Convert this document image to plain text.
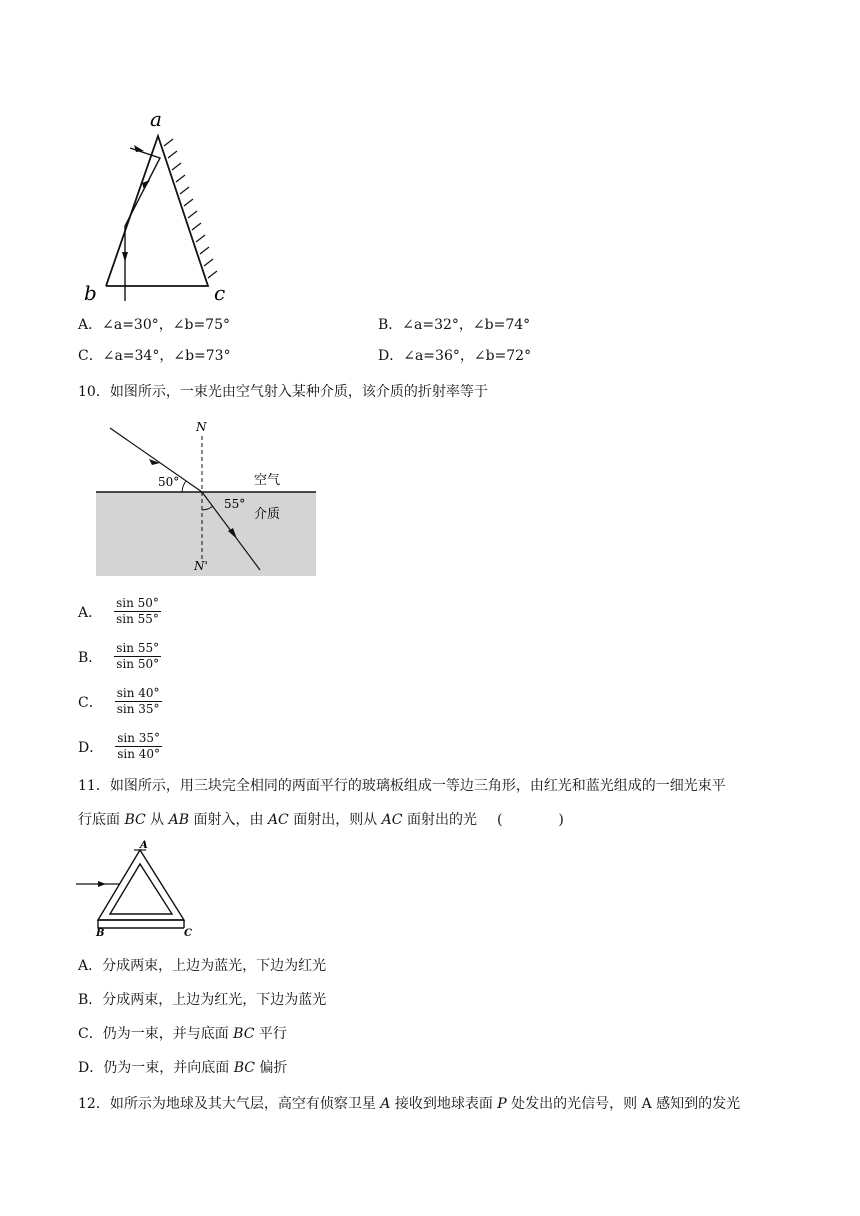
a
b	c
A．∠a=30°，∠b=75°	B．∠a=32°，∠b=74°
C．∠a=34°，∠b=73°	D．∠a=36°，∠b=72°
10．如图所示，一束光由空气射入某种介质，该介质的折射率等于
N
N'
50°
55°
空气
介质
A． $\frac{\sin 50^\circ}{\sin 55^\circ}$
B． $\frac{\sin 55^\circ}{\sin 50^\circ}$
C． $\frac{\sin 40^\circ}{\sin 35^\circ}$
D． $\frac{\sin 35^\circ}{\sin 40^\circ}$
11．如图所示，用三块完全相同的两面平行的玻璃板组成一等边三角形，由红光和蓝光组成的一细光束平
行底面 BC 从 AB 面射入，由 AC 面射出，则从 AC 面射出的光 (　　　　)
A
B	C
A．分成两束，上边为蓝光，下边为红光
B．分成两束，上边为红光，下边为蓝光
C．仍为一束，并与底面 BC 平行
D．仍为一束，并向底面 BC 偏折
12．如所示为地球及其大气层，高空有侦察卫星 A 接收到地球表面 P 处发出的光信号，则 A 感知到的发光
